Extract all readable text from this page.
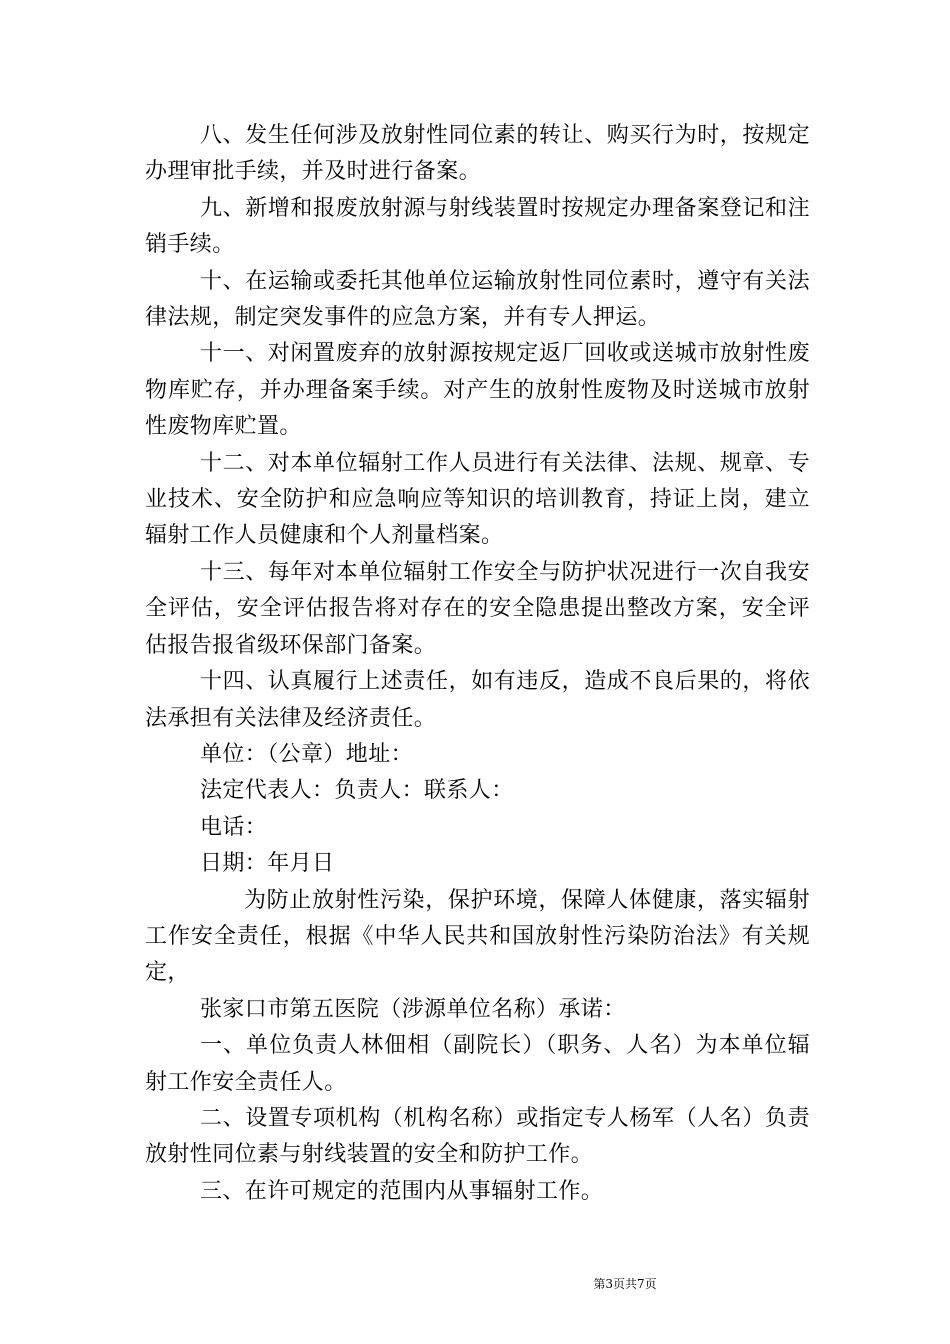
八、发生任何涉及放射性同位素的转让、购买行为时，按规定办理审批手续，并及时进行备案。

九、新增和报废放射源与射线装置时按规定办理备案登记和注销手续。

十、在运输或委托其他单位运输放射性同位素时，遵守有关法律法规，制定突发事件的应急方案，并有专人押运。

十一、对闲置废弃的放射源按规定返厂回收或送城市放射性废物库贮存，并办理备案手续。对产生的放射性废物及时送城市放射性废物库贮置。

十二、对本单位辐射工作人员进行有关法律、法规、规章、专业技术、安全防护和应急响应等知识的培训教育，持证上岗，建立辐射工作人员健康和个人剂量档案。

十三、每年对本单位辐射工作安全与防护状况进行一次自我安全评估，安全评估报告将对存在的安全隐患提出整改方案，安全评估报告报省级环保部门备案。

十四、认真履行上述责任，如有违反，造成不良后果的，将依法承担有关法律及经济责任。

单位：（公章）地址：

法定代表人：负责人：联系人：

电话：

日期：年月日

为防止放射性污染，保护环境，保障人体健康，落实辐射工作安全责任，根据《中华人民共和国放射性污染防治法》有关规定，

张家口市第五医院（涉源单位名称）承诺：

一、单位负责人林佃相（副院长）（职务、人名）为本单位辐射工作安全责任人。

二、设置专项机构（机构名称）或指定专人杨军（人名）负责放射性同位素与射线装置的安全和防护工作。

三、在许可规定的范围内从事辐射工作。

第3页共7页
